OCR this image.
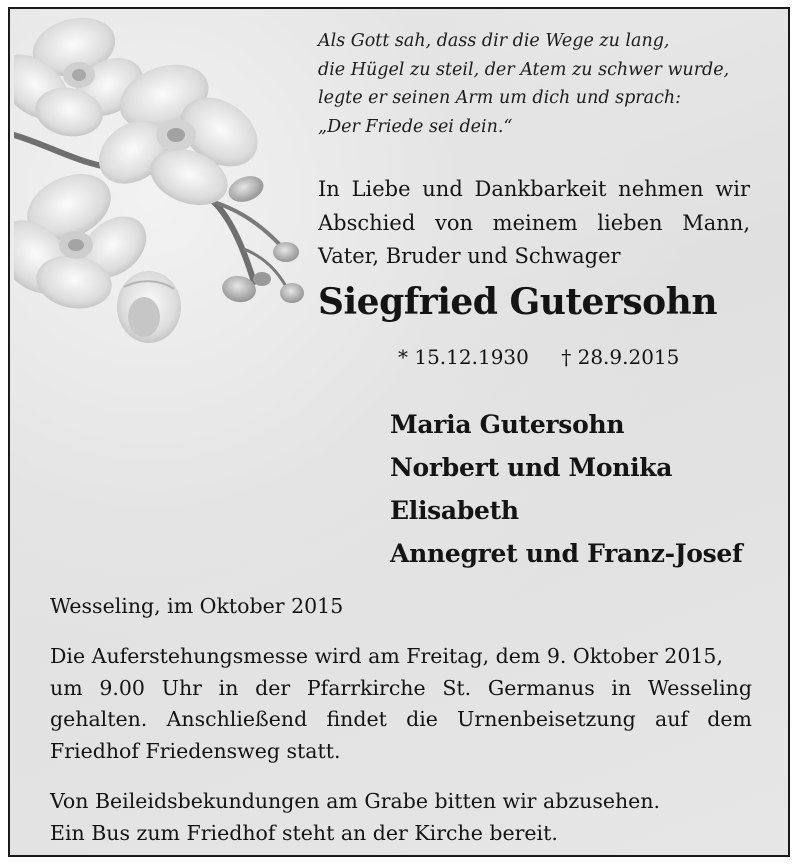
Als Gott sah, dass dir die Wege zu lang,
die Hügel zu steil, der Atem zu schwer wurde,
legte er seinen Arm um dich und sprach:
„Der Friede sei dein.“
In Liebe und Dankbarkeit nehmen wir
Abschied von meinem lieben Mann,
Vater, Bruder und Schwager
Siegfried Gutersohn
* 15.12.1930 † 28.9.2015
Maria Gutersohn
Norbert und Monika
Elisabeth
Annegret und Franz-Josef
Wesseling, im Oktober 2015
Die Auferstehungsmesse wird am Freitag, dem 9. Oktober 2015,
um 9.00 Uhr in der Pfarrkirche St. Germanus in Wesseling
gehalten. Anschließend findet die Urnenbeisetzung auf dem
Friedhof Friedensweg statt.
Von Beileidsbekundungen am Grabe bitten wir abzusehen.
Ein Bus zum Friedhof steht an der Kirche bereit.
